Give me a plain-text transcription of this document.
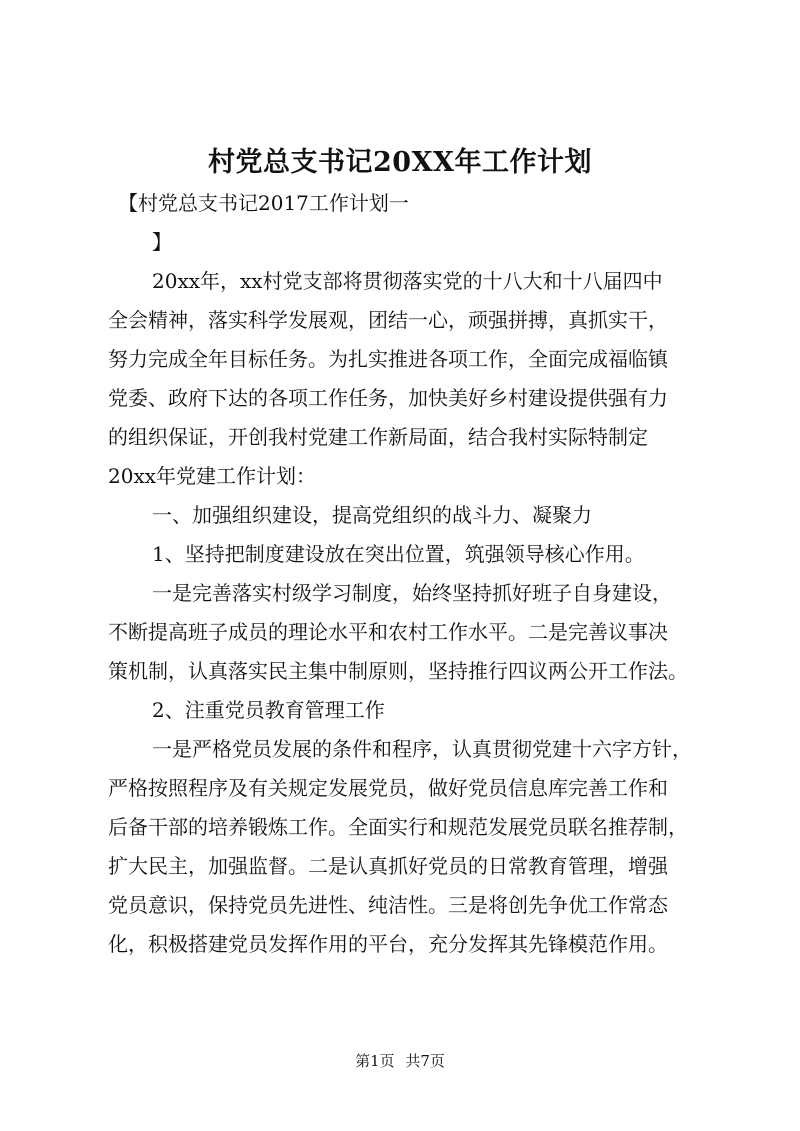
村党总支书记20XX年工作计划
【村党总支书记2017工作计划一
】
20xx年，xx村党支部将贯彻落实党的十八大和十八届四中
全会精神，落实科学发展观，团结一心，顽强拼搏，真抓实干，
努力完成全年目标任务。为扎实推进各项工作，全面完成福临镇
党委、政府下达的各项工作任务，加快美好乡村建设提供强有力
的组织保证，开创我村党建工作新局面，结合我村实际特制定
20xx年党建工作计划：
一、加强组织建设，提高党组织的战斗力、凝聚力
1、坚持把制度建设放在突出位置，筑强领导核心作用。
一是完善落实村级学习制度，始终坚持抓好班子自身建设，
不断提高班子成员的理论水平和农村工作水平。二是完善议事决
策机制，认真落实民主集中制原则，坚持推行四议两公开工作法。
2、注重党员教育管理工作
一是严格党员发展的条件和程序，认真贯彻党建十六字方针，
严格按照程序及有关规定发展党员，做好党员信息库完善工作和
后备干部的培养锻炼工作。全面实行和规范发展党员联名推荐制，
扩大民主，加强监督。二是认真抓好党员的日常教育管理，增强
党员意识，保持党员先进性、纯洁性。三是将创先争优工作常态
化，积极搭建党员发挥作用的平台，充分发挥其先锋模范作用。
第1页 共7页
